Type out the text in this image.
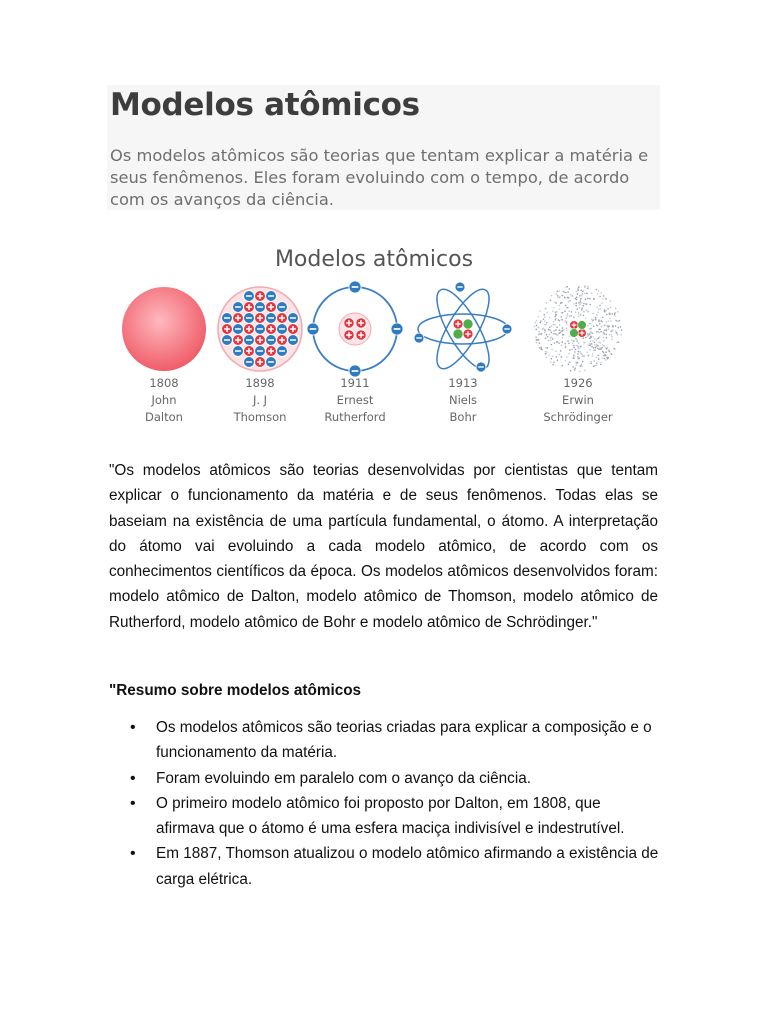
Modelos atômicos

Os modelos atômicos são teorias que tentam explicar a matéria e seus fenômenos. Eles foram evoluindo com o tempo, de acordo com os avanços da ciência.

Modelos atômicos
1808
John
Dalton
1898
J. J
Thomson
1911
Ernest
Rutherford
1913
Niels
Bohr
1926
Erwin
Schrödinger

"Os modelos atômicos são teorias desenvolvidas por cientistas que tentam explicar o funcionamento da matéria e de seus fenômenos. Todas elas se baseiam na existência de uma partícula fundamental, o átomo. A interpretação do átomo vai evoluindo a cada modelo atômico, de acordo com os conhecimentos científicos da época. Os modelos atômicos desenvolvidos foram: modelo atômico de Dalton, modelo atômico de Thomson, modelo atômico de Rutherford, modelo atômico de Bohr e modelo atômico de Schrödinger."

"Resumo sobre modelos atômicos

• Os modelos atômicos são teorias criadas para explicar a composição e o funcionamento da matéria.
• Foram evoluindo em paralelo com o avanço da ciência.
• O primeiro modelo atômico foi proposto por Dalton, em 1808, que afirmava que o átomo é uma esfera maciça indivisível e indestrutível.
• Em 1887, Thomson atualizou o modelo atômico afirmando a existência de carga elétrica.
